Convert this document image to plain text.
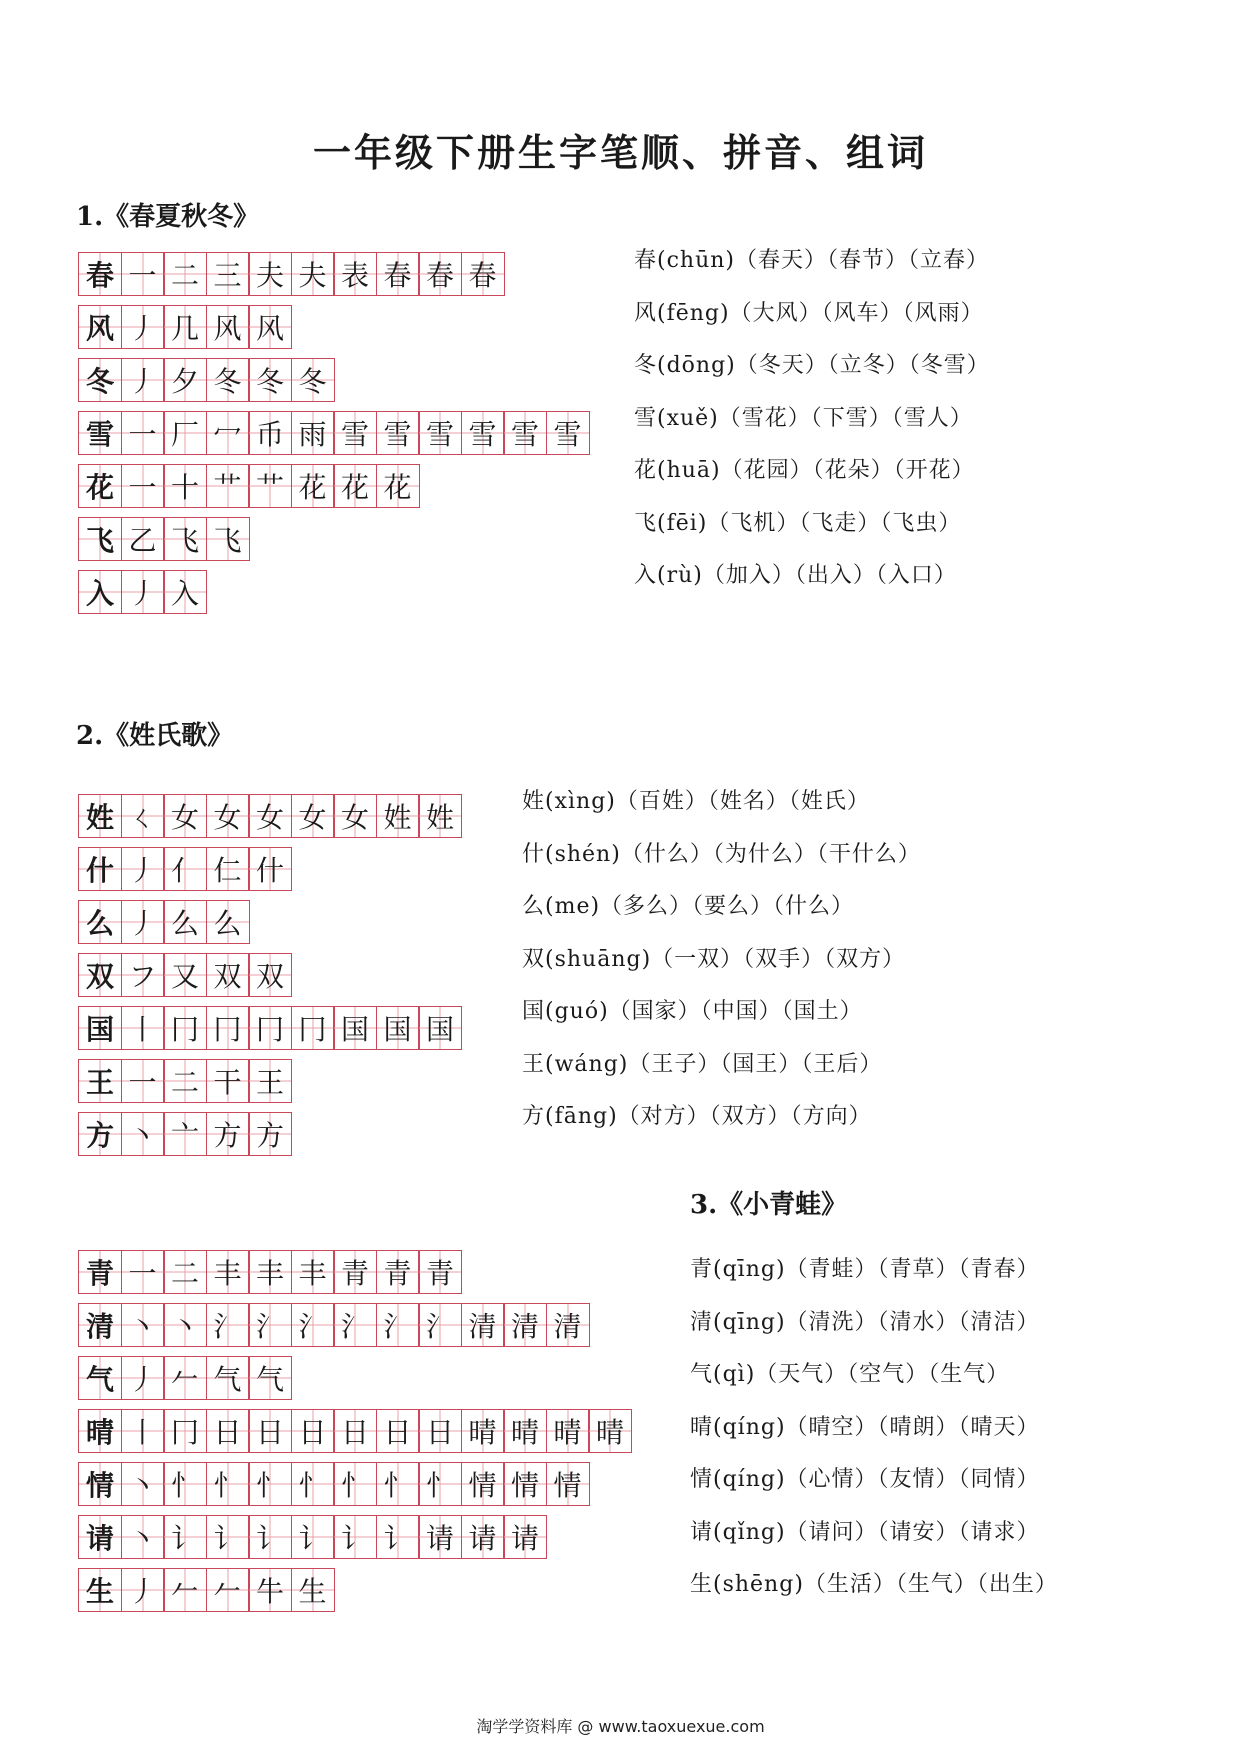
一年级下册生字笔顺、拼音、组词
1.《春夏秋冬》
春 一 二 三 夫 夫 表 春 春 春
风 丿 几 风 风
冬 丿 夕 冬 冬 冬
雪 一 厂 冖 币 雨 雪 雪 雪 雪 雪 雪
花 一 十 艹 艹 花 花 花
飞 乙 飞 飞
入 丿 入
春(chūn)（春天）（春节）（立春）
风(fēng)（大风）（风车）（风雨）
冬(dōng)（冬天）（立冬）（冬雪）
雪(xuě)（雪花）（下雪）（雪人）
花(huā)（花园）（花朵）（开花）
飞(fēi)（飞机）（飞走）（飞虫）
入(rù)（加入）（出入）（入口）
2.《姓氏歌》
姓 ㄑ 女 女 女 女 女 姓 姓
什 丿 亻 仁 什
么 丿 么 么
双 フ 又 双 双
国 丨 冂 冂 冂 冂 国 国 国
王 一 二 干 王
方 丶 亠 方 方
姓(xìng)（百姓）（姓名）（姓氏）
什(shén)（什么）（为什么）（干什么）
么(me)（多么）（要么）（什么）
双(shuāng)（一双）（双手）（双方）
国(guó)（国家）（中国）（国土）
王(wáng)（王子）（国王）（王后）
方(fāng)（对方）（双方）（方向）
3.《小青蛙》
青 一 二 丰 丰 丰 青 青 青
清 丶 丶 氵 氵 氵 氵 氵 氵 清 清 清
气 丿 𠂉 气 气
晴 丨 冂 日 日 日 日 日 日 晴 晴 晴 晴
情 丶 忄 忄 忄 忄 忄 忄 忄 情 情 情
请 丶 讠 讠 讠 讠 讠 讠 请 请 请
生 丿 𠂉 𠂉 牛 生
青(qīng)（青蛙）（青草）（青春）
清(qīng)（清洗）（清水）（清洁）
气(qì)（天气）（空气）（生气）
晴(qíng)（晴空）（晴朗）（晴天）
情(qíng)（心情）（友情）（同情）
请(qǐng)（请问）（请安）（请求）
生(shēng)（生活）（生气）（出生）
淘学学资料库 @ www.taoxuexue.com
